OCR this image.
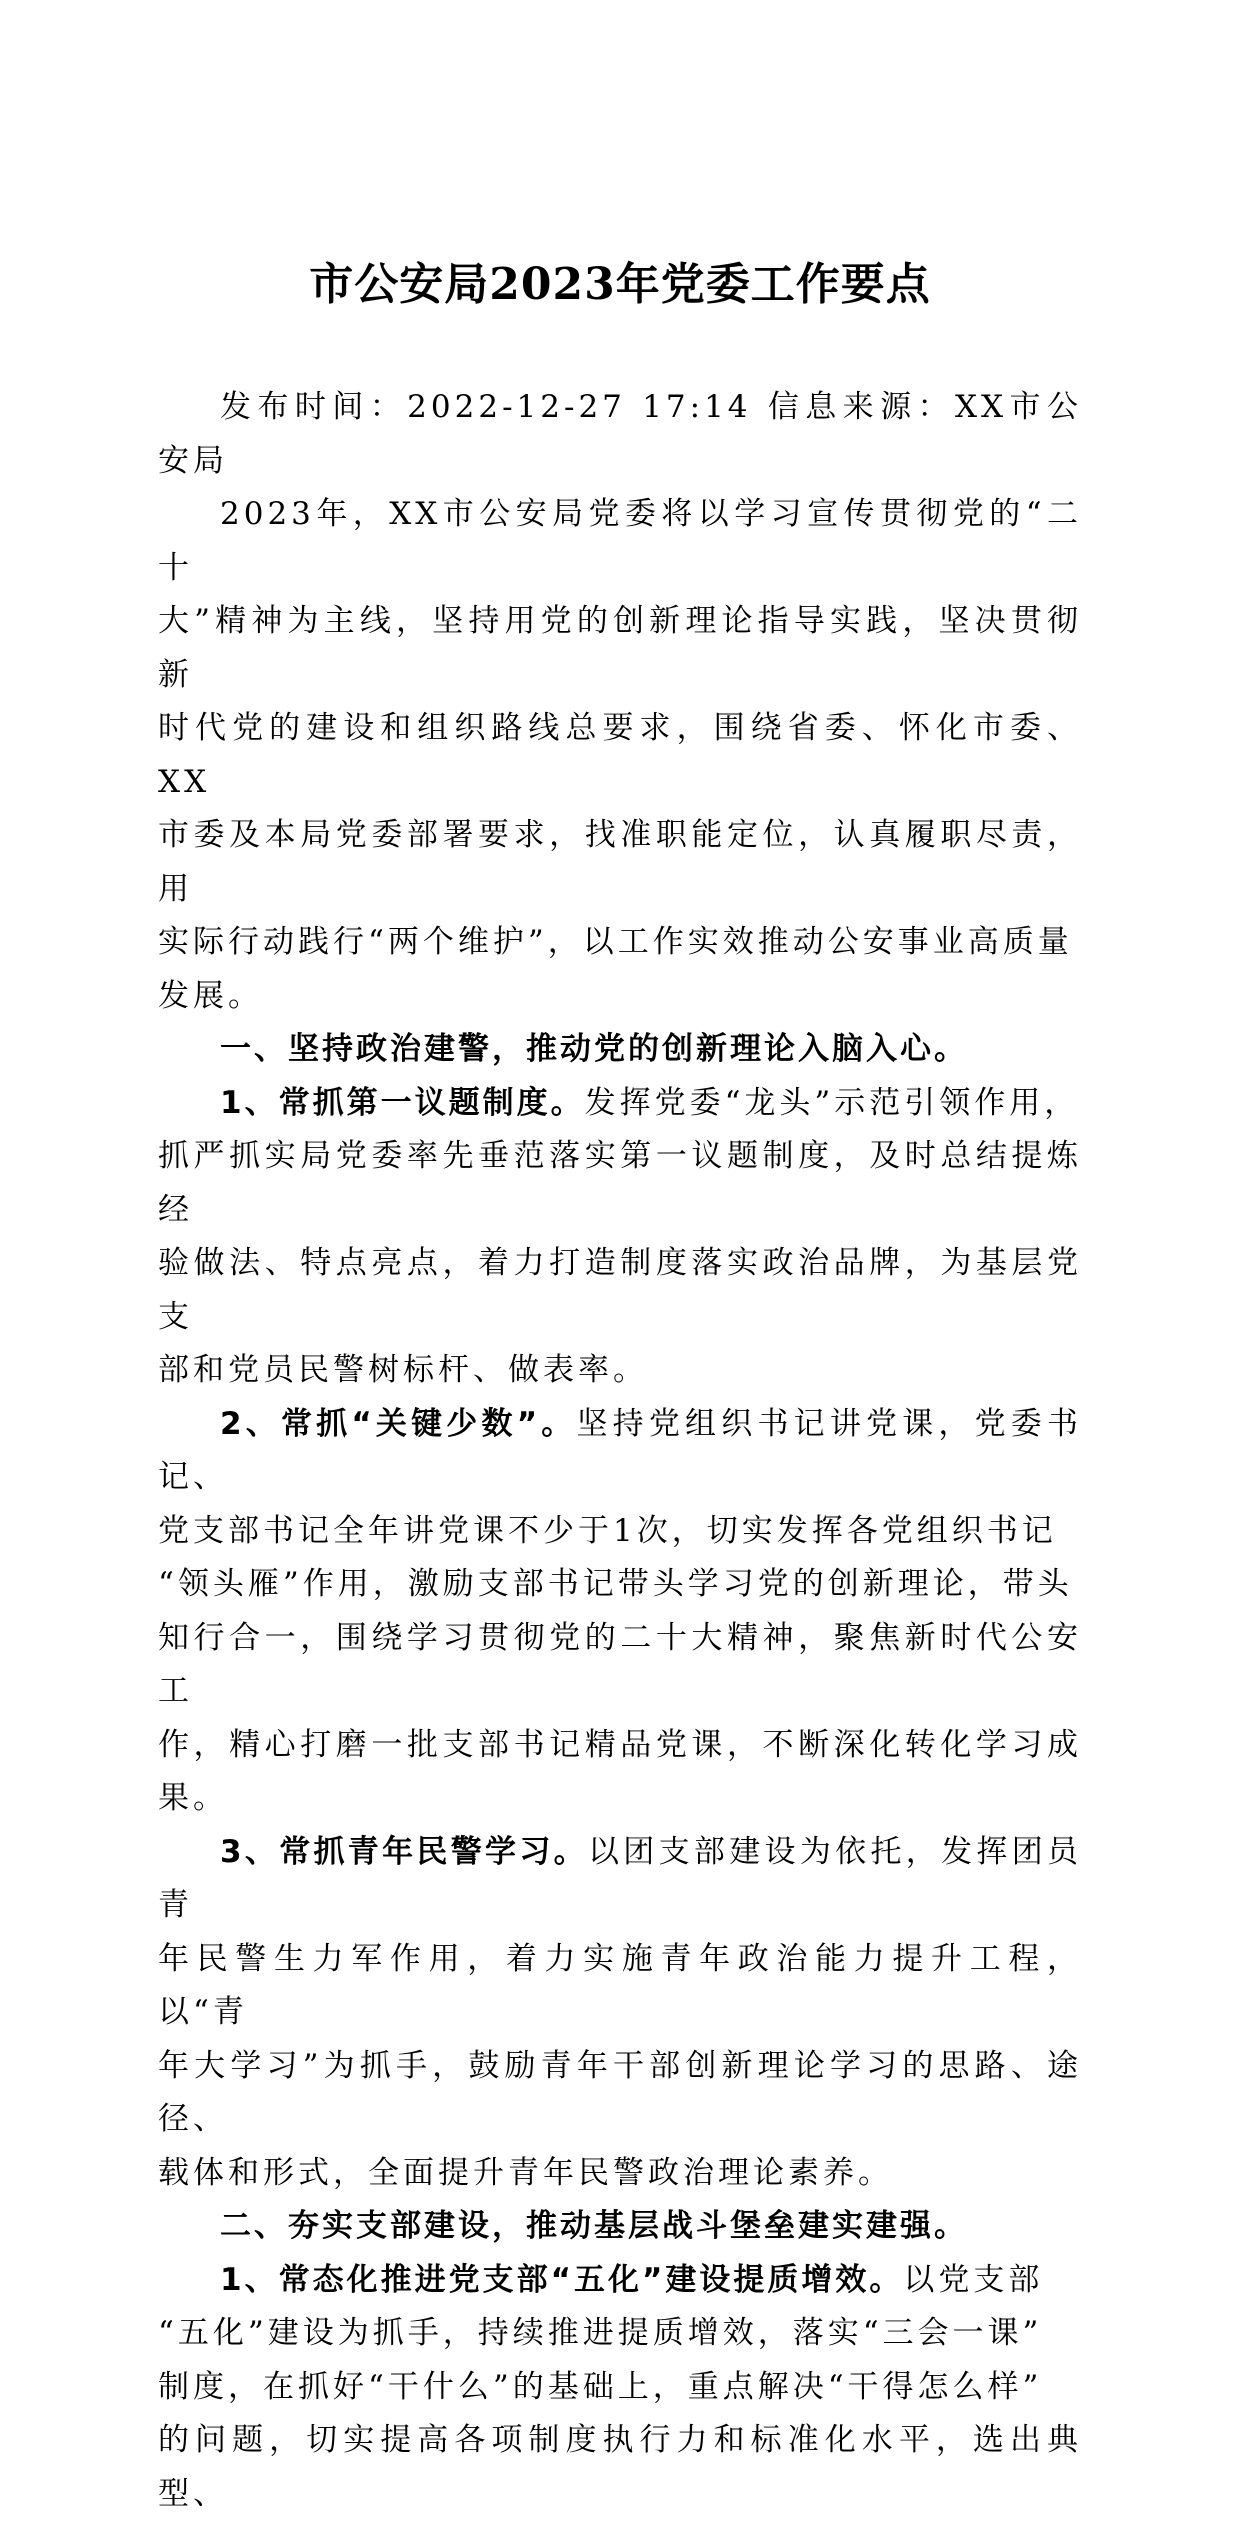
市公安局2023年党委工作要点

发布时间：2022-12-27 17:14 信息来源：XX市公安局

2023年，XX市公安局党委将以学习宣传贯彻党的“二十
大”精神为主线，坚持用党的创新理论指导实践，坚决贯彻新
时代党的建设和组织路线总要求，围绕省委、怀化市委、XX
市委及本局党委部署要求，找准职能定位，认真履职尽责，用
实际行动践行“两个维护”，以工作实效推动公安事业高质量
发展。

一、坚持政治建警，推动党的创新理论入脑入心。

1、常抓第一议题制度。发挥党委“龙头”示范引领作用，
抓严抓实局党委率先垂范落实第一议题制度，及时总结提炼经
验做法、特点亮点，着力打造制度落实政治品牌，为基层党支
部和党员民警树标杆、做表率。

2、常抓“关键少数”。坚持党组织书记讲党课，党委书记、
党支部书记全年讲党课不少于1次，切实发挥各党组织书记
“领头雁”作用，激励支部书记带头学习党的创新理论，带头
知行合一，围绕学习贯彻党的二十大精神，聚焦新时代公安工
作，精心打磨一批支部书记精品党课，不断深化转化学习成果。

3、常抓青年民警学习。以团支部建设为依托，发挥团员青
年民警生力军作用，着力实施青年政治能力提升工程，以“青
年大学习”为抓手，鼓励青年干部创新理论学习的思路、途径、
载体和形式，全面提升青年民警政治理论素养。

二、夯实支部建设，推动基层战斗堡垒建实建强。

1、常态化推进党支部“五化”建设提质增效。以党支部
“五化”建设为抓手，持续推进提质增效，落实“三会一课”
制度，在抓好“干什么”的基础上，重点解决“干得怎么样”
的问题，切实提高各项制度执行力和标准化水平，选出典型、
